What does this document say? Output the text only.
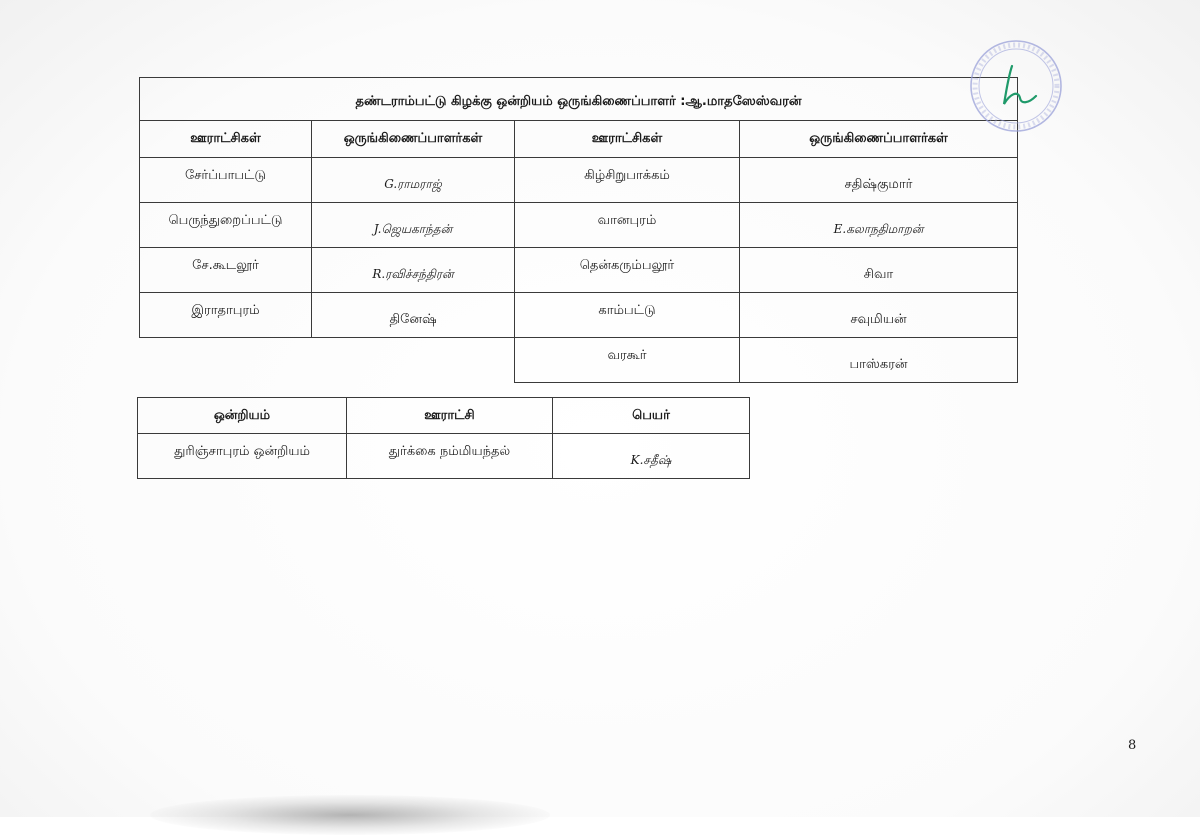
தண்டராம்பட்டு கிழக்கு ஒன்றியம் ஒருங்கிணைப்பாளர் :ஆ.மாதஸேஸ்வரன்			
ஊராட்சிகள்	ஒருங்கிணைப்பாளர்கள்	ஊராட்சிகள்	ஒருங்கிணைப்பாளர்கள்
சேர்ப்பாபட்டு	G.ராமராஜ்	கிழ்சிறுபாக்கம்	சதிஷ்குமார்
பெருந்துறைப்பட்டு	J.ஜெயகாந்தன்	வானபுரம்	E.கலாநதிமாறன்
சே.கூடலூர்	R.ரவிச்சந்திரன்	தென்கரும்பலூர்	சிவா
இராதாபுரம்	தினேஷ்	காம்பட்டு	சவுமியன்
		வரகூர்	பாஸ்கரன்
ஒன்றியம்	ஊராட்சி	பெயர்
துரிஞ்சாபுரம் ஒன்றியம்	துர்க்கை நம்மியந்தல்	K.சதீஷ்
8
